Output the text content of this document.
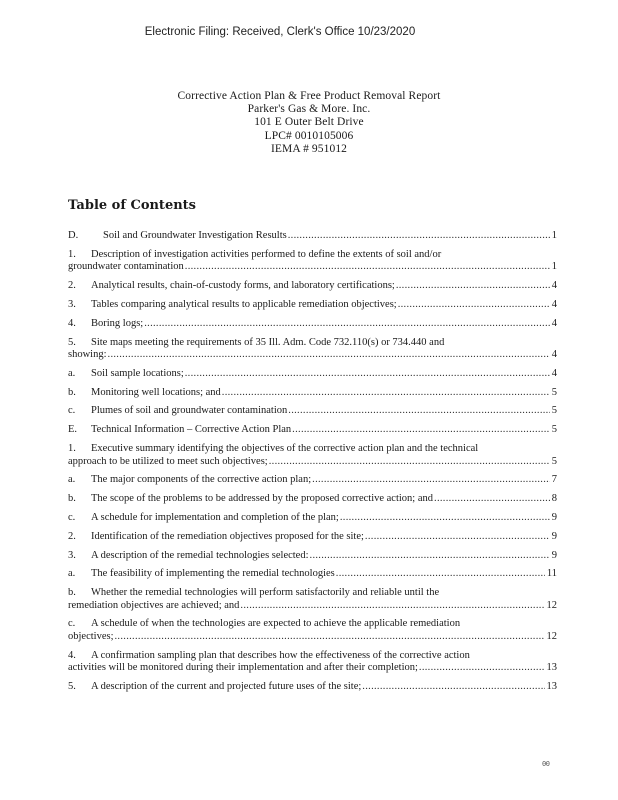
Electronic Filing: Received, Clerk's Office 10/23/2020
Corrective Action Plan & Free Product Removal Report
Parker's Gas & More. Inc.
101 E Outer Belt Drive
LPC# 0010105006
IEMA # 951012
Table of Contents
D. Soil and Groundwater Investigation Results .....	1
1. Description of investigation activities performed to define the extents of soil and/or
groundwater contamination .....	1
2. Analytical results, chain-of-custody forms, and laboratory certifications; .....	4
3. Tables comparing analytical results to applicable remediation objectives; .....	4
4. Boring logs; .....	4
5. Site maps meeting the requirements of 35 Ill. Adm. Code 732.110(s) or 734.440 and
showing: .....	4
a. Soil sample locations; .....	4
b. Monitoring well locations; and .....	5
c. Plumes of soil and groundwater contamination .....	5
E. Technical Information – Corrective Action Plan .....	5
1. Executive summary identifying the objectives of the corrective action plan and the technical
approach to be utilized to meet such objectives; .....	5
a. The major components of the corrective action plan; .....	7
b. The scope of the problems to be addressed by the proposed corrective action; and .....	8
c. A schedule for implementation and completion of the plan; .....	9
2. Identification of the remediation objectives proposed for the site; .....	9
3. A description of the remedial technologies selected: .....	9
a. The feasibility of implementing the remedial technologies .....	11
b. Whether the remedial technologies will perform satisfactorily and reliable until the
remediation objectives are achieved; and .....	12
c. A schedule of when the technologies are expected to achieve the applicable remediation
objectives; .....	12
4. A confirmation sampling plan that describes how the effectiveness of the corrective action
activities will be monitored during their implementation and after their completion; .....	13
5. A description of the current and projected future uses of the site; .....	13
00
